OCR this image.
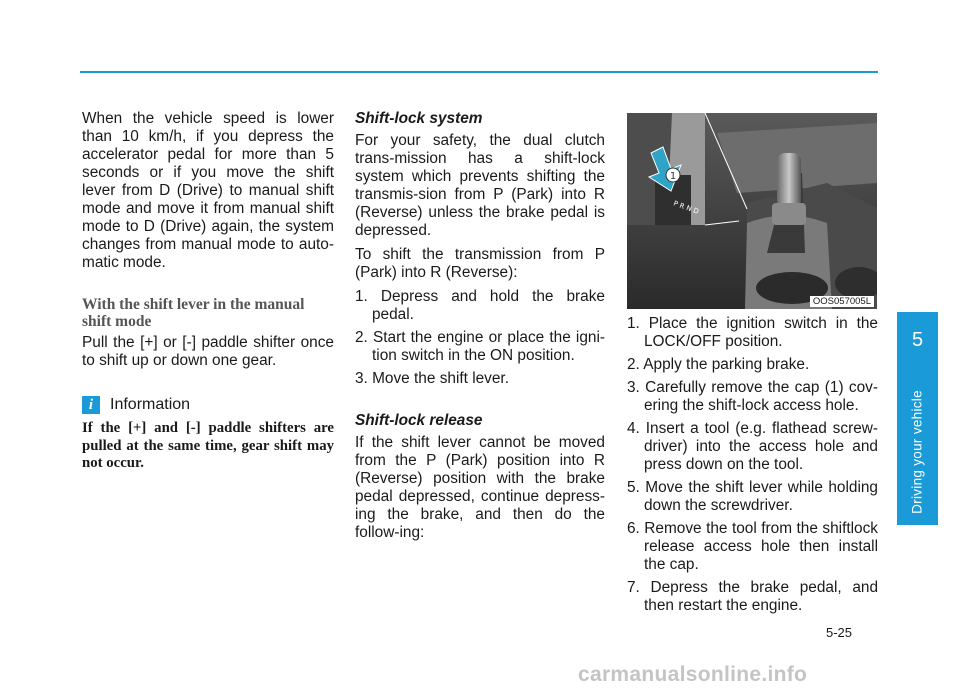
When the vehicle speed is lower than 10 km/h, if you depress the accelerator pedal for more than 5 seconds or if you move the shift lever from D (Drive) to manual shift mode and move it from manual shift mode to D (Drive) again, the system changes from manual mode to auto-matic mode.

With the shift lever in the manual shift mode

Pull the [+] or [-] paddle shifter once to shift up or down one gear.

i	Information

If the [+] and [-] paddle shifters are pulled at the same time, gear shift may not occur.

Shift-lock system

For your safety, the dual clutch trans-mission has a shift-lock system which prevents shifting the transmis-sion from P (Park) into R (Reverse) unless the brake pedal is depressed.

To shift the transmission from P (Park) into R (Reverse):

1. Depress and hold the brake pedal.
2. Start the engine or place the igni-tion switch in the ON position.
3. Move the shift lever.
Shift-lock release

If the shift lever cannot be moved from the P (Park) position into R (Reverse) position with the brake pedal depressed, continue depress-ing the brake, and then do the follow-ing:

P R N D
1
OOS057005L
1. Place the ignition switch in the LOCK/OFF position.
2. Apply the parking brake.
3. Carefully remove the cap (1) cov-ering the shift-lock access hole.
4. Insert a tool (e.g. flathead screw-driver) into the access hole and press down on the tool.
5. Move the shift lever while holding down the screwdriver.
6. Remove the tool from the shiftlock release access hole then install the cap.
7. Depress the brake pedal, and then restart the engine.
5
Driving your vehicle
5-25
carmanualsonline.info
